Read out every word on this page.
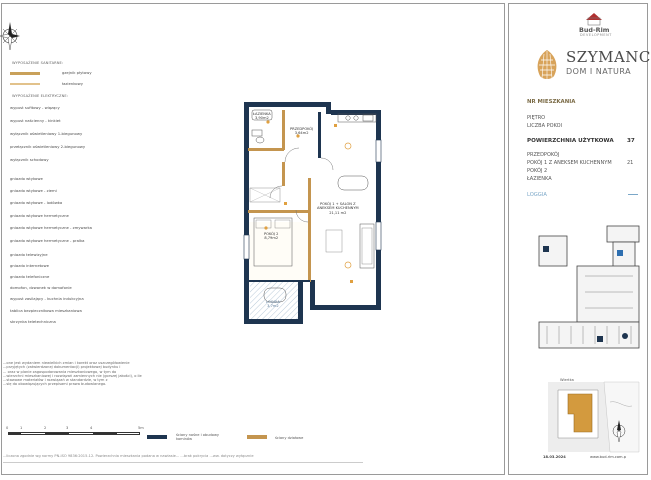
WYPOSAŻENIE SANITARNE:
gzejnik płytowy
łazienkowy
WYPOSAŻENIE ELEKTRYCZNE:
wypust sufitowy - wiązący
wypust naścienny - kinkiet
wyłącznik oświetleniowy 1-biegunowy
przełącznik oświetleniowy 2-biegunowy
wyłącznik schodowy
gniazdo wtykowe
gniazdo wtykowe - ziemi
gniazdo wtykowe - lodówka
gniazdo wtykowe hermetyczne
gniazdo wtykowe hermetyczne - zmywarka
gniazdo wtykowe hermetyczne - pralka
gniazdo telewizyjne
gniazdo internetowe
gniazdo telefoniczne
domofon, dzwonek w domofonie
wypust zasilający - kuchnia indukcyjna
tablica bezpiecznikowa mieszkaniowa
skrzynka teletechniczna
...one jest wydaniem niewielkich zmian i korekt oraz uszczegółowienie
...przyjętych (zatwierdzonej dokumentacji) projektowej budynku i
... oraz w planie zagospodarowania mieszkaniowego, w tym do
...wierzchni mieszkaniowej i rozwiązań zamiennych nie (gorszej jakości), o ile
...stawowe materiałów i rozwiązań w standardzie, w tym z
...się do obowiązujących przepisami prawa budowlanego.
0	1	2	3	4	5m
ściany nośne i obudowy kominów	ściany działowe
...liczona zgodnie wg normy PN-ISO 9836:2015-12. Powierzchnia mieszkania podana w nawiasie... ...brak pokrycia ...ww. dotyczy wyłącznie
ŁAZIENKA
3,90m2
PRZEDPOKÓJ
3,64m2
POKÓJ 1 + SALON Z
ANEKSEM KUCHENNYM
21,11 m2
POKÓJ 2
8,79m2
LOGGIA
3,7m2
Bud-Rim
DEVELOPMENT
SZYMANC
DOM I NATURA
NR MIESZKANIA
PIĘTRO
LICZBA POKOI
POWIERZCHNIA UŻYTKOWA 37
PRZEDPOKÓJ
POKÓJ 1 Z ANEKSEM KUCHENNYM	21
POKÓJ 2
ŁAZIENKA
LOGGIA
Wiertka
18.03.2024	www.bud-rim.com.p
